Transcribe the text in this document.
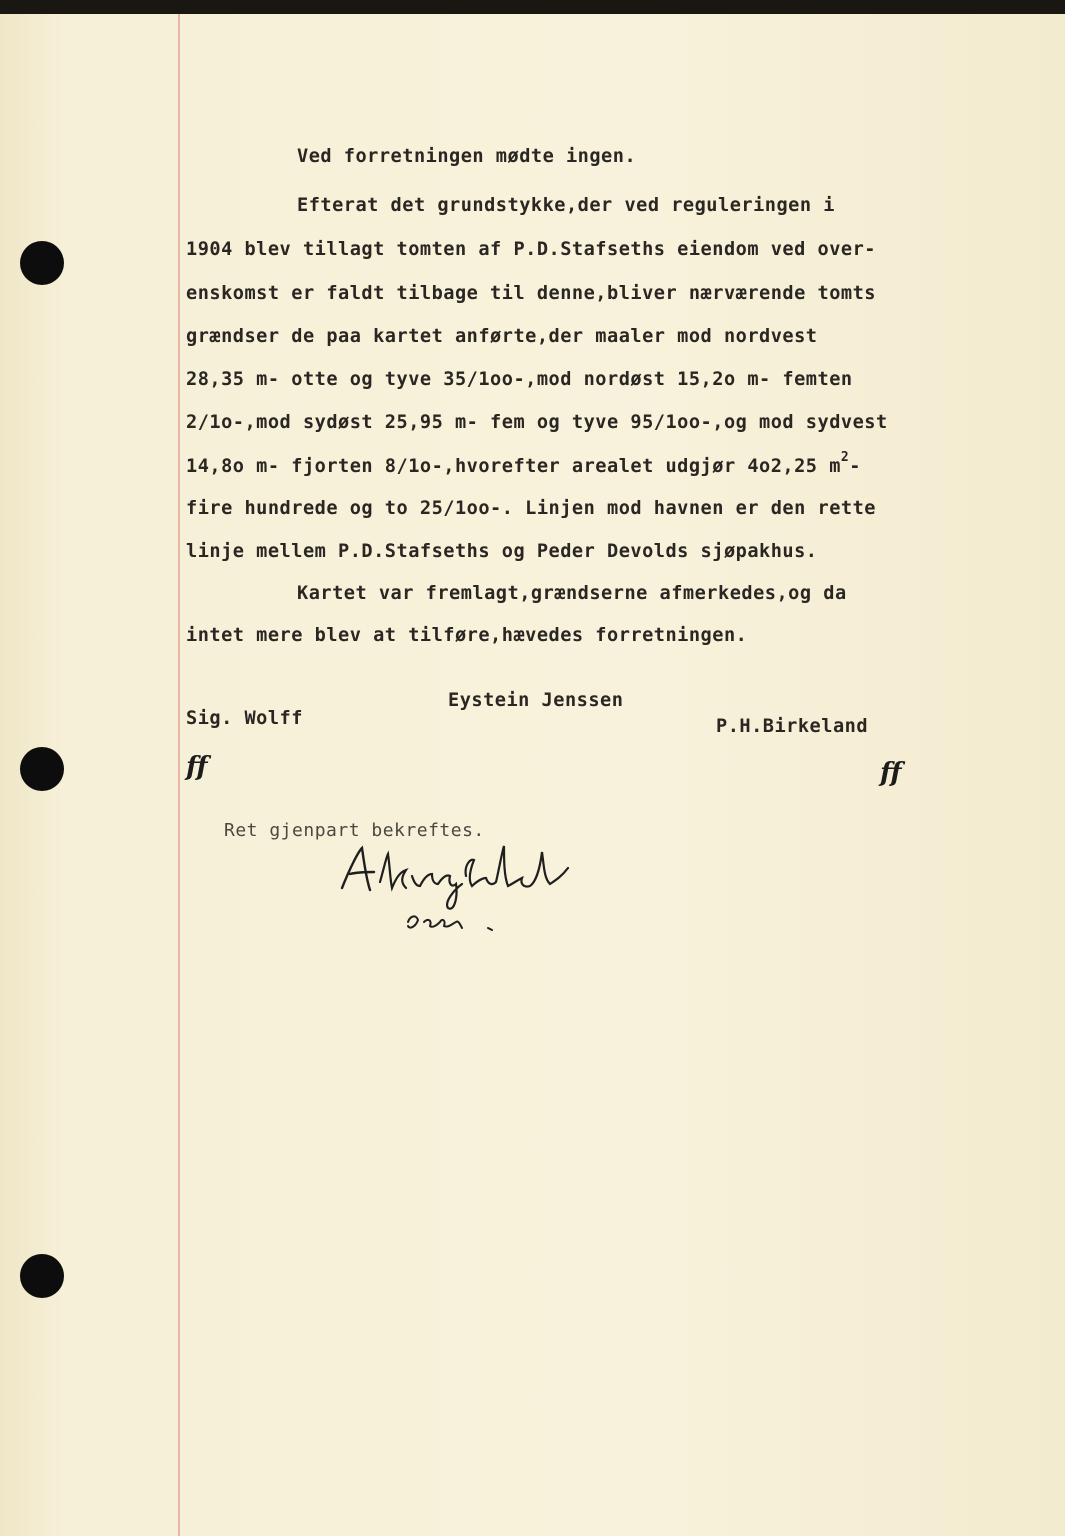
Ved forretningen mødte ingen.
Efterat det grundstykke,der ved reguleringen i
1904 blev tillagt tomten af P.D.Stafseths eiendom ved over-
enskomst er faldt tilbage til denne,bliver nærværende tomts
grændser de paa kartet anførte,der maaler mod nordvest
28,35 m- otte og tyve 35/1oo-,mod nordøst 15,2o m- femten
2/1o-,mod sydøst 25,95 m- fem og tyve 95/1oo-,og mod sydvest
14,8o m- fjorten 8/1o-,hvorefter arealet udgjør 4o2,25 $m^2-$
fire hundrede og to 25/1oo-. Linjen mod havnen er den rette
linje mellem P.D.Stafseths og Peder Devolds sjøpakhus.
Kartet var fremlagt,grændserne afmerkedes,og da
intet mere blev at tilføre,hævedes forretningen.
Eystein Jenssen
Sig. Wolff	P.H.Birkeland
ff	ff
Ret gjenpart bekreftes.
